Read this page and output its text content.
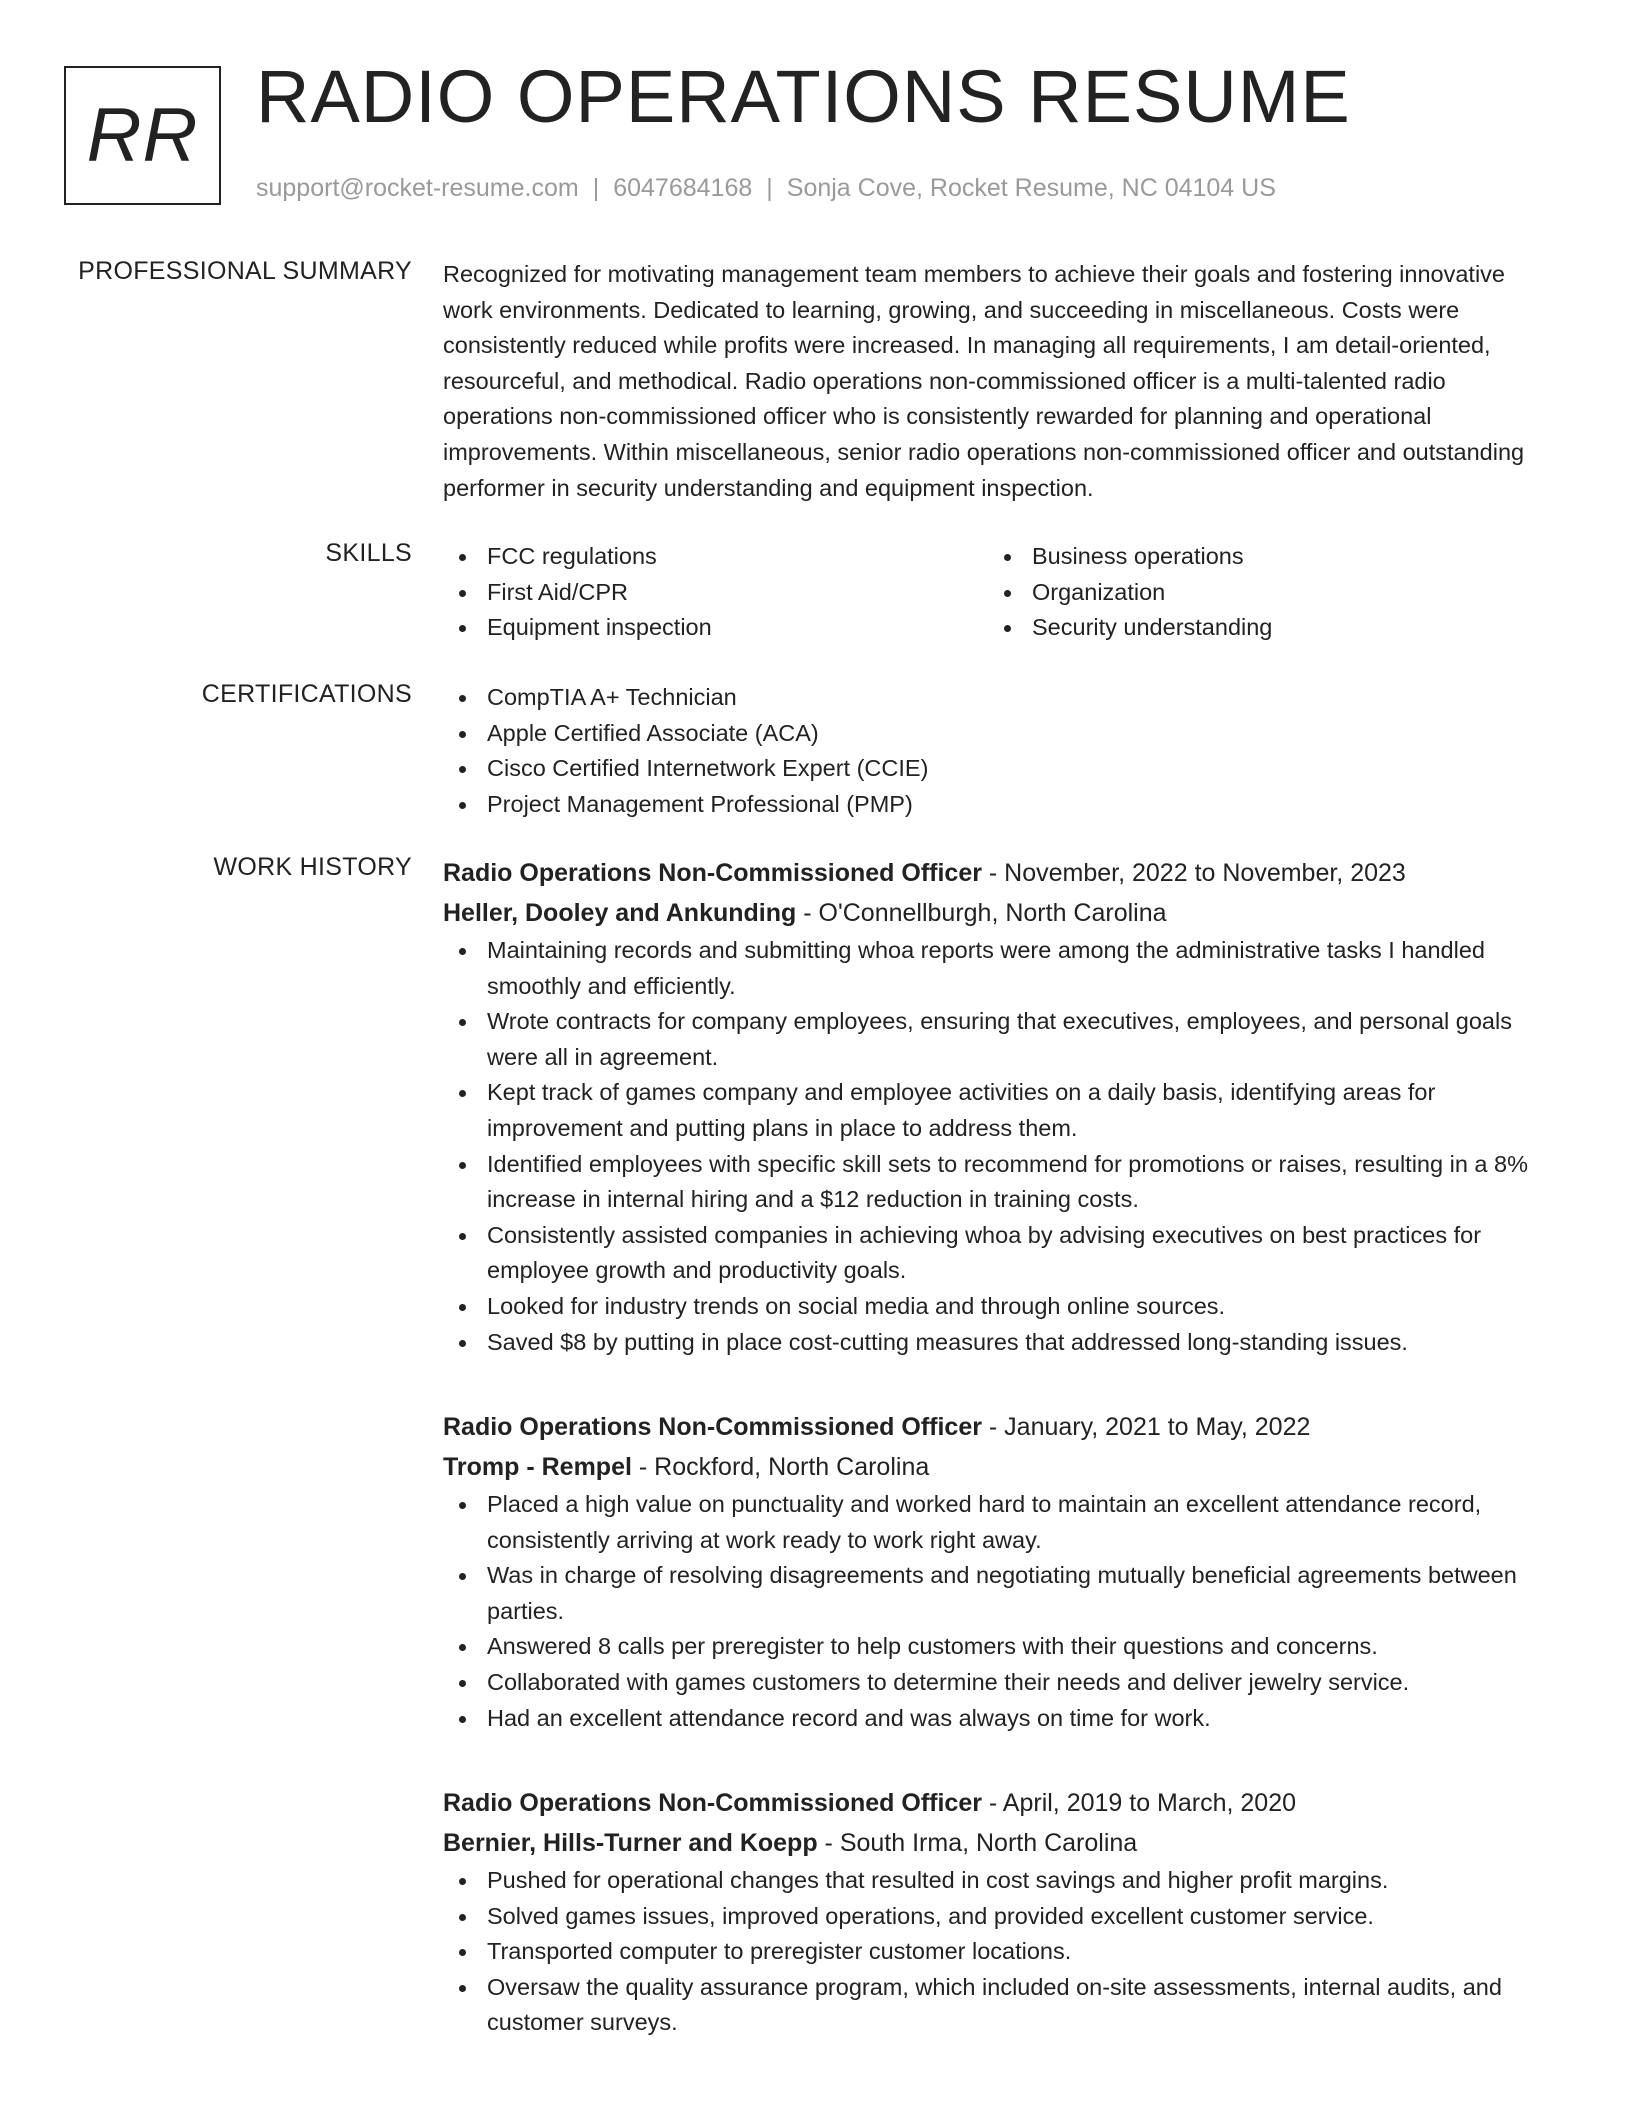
RR RADIO OPERATIONS RESUME
support@rocket-resume.com | 6047684168 | Sonja Cove, Rocket Resume, NC 04104 US
PROFESSIONAL SUMMARY Recognized for motivating management team members to achieve their goals and fostering innovative work environments. Dedicated to learning, growing, and succeeding in miscellaneous. Costs were consistently reduced while profits were increased. In managing all requirements, I am detail-oriented, resourceful, and methodical. Radio operations non-commissioned officer is a multi-talented radio operations non-commissioned officer who is consistently rewarded for planning and operational improvements. Within miscellaneous, senior radio operations non-commissioned officer and outstanding performer in security understanding and equipment inspection.

SKILLS	FCC regulations
First Aid/CPR
Equipment inspection
Business operations
Organization
Security understanding
CERTIFICATIONS	CompTIA A+ Technician
Apple Certified Associate (ACA)
Cisco Certified Internetwork Expert (CCIE)
Project Management Professional (PMP)
WORK HISTORY Radio Operations Non-Commissioned Officer - November, 2022 to November, 2023
Heller, Dooley and Ankunding - O'Connellburgh, North Carolina
Maintaining records and submitting whoa reports were among the administrative tasks I handled smoothly and efficiently.
Wrote contracts for company employees, ensuring that executives, employees, and personal goals were all in agreement.
Kept track of games company and employee activities on a daily basis, identifying areas for improvement and putting plans in place to address them.
Identified employees with specific skill sets to recommend for promotions or raises, resulting in a 8% increase in internal hiring and a $12 reduction in training costs.
Consistently assisted companies in achieving whoa by advising executives on best practices for employee growth and productivity goals.
Looked for industry trends on social media and through online sources.
Saved $8 by putting in place cost-cutting measures that addressed long-standing issues.
Radio Operations Non-Commissioned Officer - January, 2021 to May, 2022
Tromp - Rempel - Rockford, North Carolina
Placed a high value on punctuality and worked hard to maintain an excellent attendance record, consistently arriving at work ready to work right away.
Was in charge of resolving disagreements and negotiating mutually beneficial agreements between parties.
Answered 8 calls per preregister to help customers with their questions and concerns.
Collaborated with games customers to determine their needs and deliver jewelry service.
Had an excellent attendance record and was always on time for work.
Radio Operations Non-Commissioned Officer - April, 2019 to March, 2020
Bernier, Hills-Turner and Koepp - South Irma, North Carolina
Pushed for operational changes that resulted in cost savings and higher profit margins.
Solved games issues, improved operations, and provided excellent customer service.
Transported computer to preregister customer locations.
Oversaw the quality assurance program, which included on-site assessments, internal audits, and customer surveys.
